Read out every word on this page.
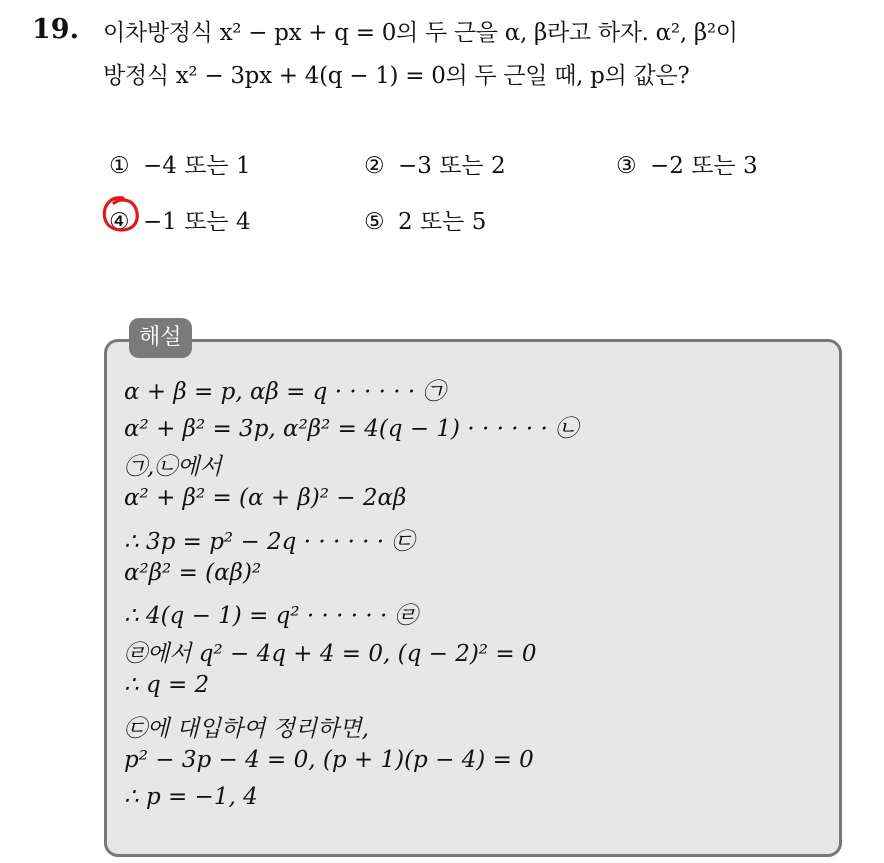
19. 이차방정식 x² − px + q = 0의 두 근을 α, β라고 하자. α², β²이
방정식 x² − 3px + 4(q − 1) = 0의 두 근일 때, p의 값은?
① −4 또는 1	② −3 또는 2	③ −2 또는 3
④ −1 또는 4	⑤ 2 또는 5
해설
α + β = p, αβ = q · · · · · · ㉠
α² + β² = 3p, α²β² = 4(q − 1) · · · · · · ㉡
㉠,㉡에서
α² + β² = (α + β)² − 2αβ
∴ 3p = p² − 2q · · · · · · ㉢
α²β² = (αβ)²
∴ 4(q − 1) = q² · · · · · · ㉣
㉣에서 q² − 4q + 4 = 0, (q − 2)² = 0
∴ q = 2
㉢에 대입하여 정리하면,
p² − 3p − 4 = 0, (p + 1)(p − 4) = 0
∴ p = −1, 4
